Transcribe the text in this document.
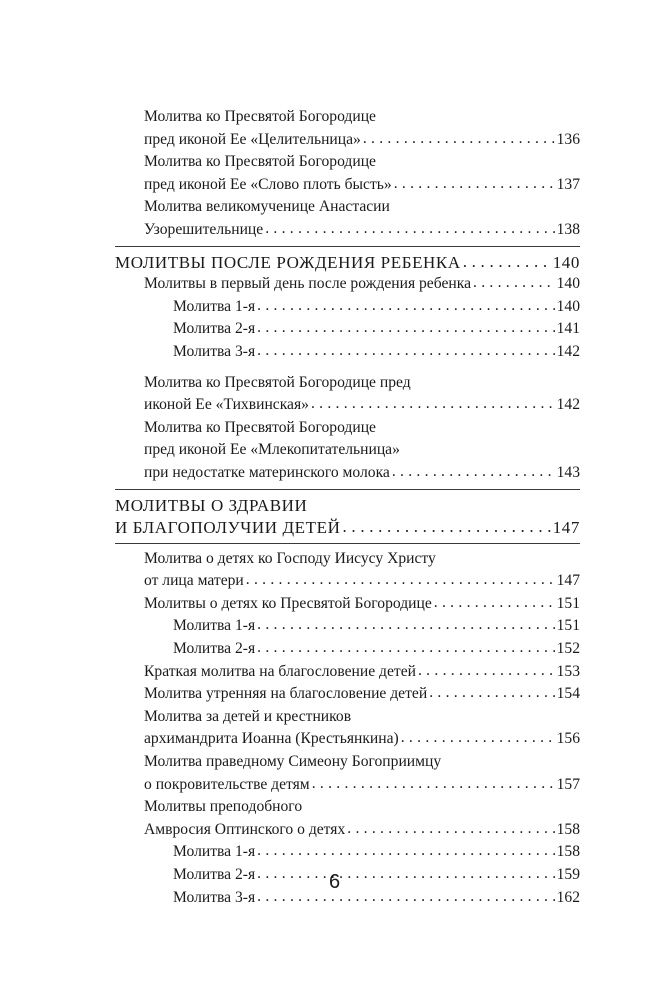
Молитва ко Пресвятой Богородице
пред иконой Ее «Целительница» . . .	136
Молитва ко Пресвятой Богородице
пред иконой Ее «Слово плоть бысть» . . .	137
Молитва великомученице Анастасии
Узорешительнице . . .	138
МОЛИТВЫ ПОСЛЕ РОЖДЕНИЯ РЕБЕНКА . . .	140
Молитвы в первый день после рождения ребенка . . .	140
Молитва 1-я . . .	140
Молитва 2-я . . .	141
Молитва 3-я . . .	142
Молитва ко Пресвятой Богородице пред
иконой Ее «Тихвинская» . . .	142
Молитва ко Пресвятой Богородице
пред иконой Ее «Млекопитательница»
при недостатке материнского молока . . .	143
МОЛИТВЫ О ЗДРАВИИ
И БЛАГОПОЛУЧИИ ДЕТЕЙ . . .	147
Молитва о детях ко Господу Иисусу Христу
от лица матери . . .	147
Молитвы о детях ко Пресвятой Богородице . . .	151
Молитва 1-я . . .	151
Молитва 2-я . . .	152
Краткая молитва на благословение детей . . .	153
Молитва утренняя на благословение детей . . .	154
Молитва за детей и крестников
архимандрита Иоанна (Крестьянкина) . . .	156
Молитва праведному Симеону Богоприимцу
о покровительстве детям . . .	157
Молитвы преподобного
Амвросия Оптинского о детях . . .	158
Молитва 1-я . . .	158
Молитва 2-я . . .	159
Молитва 3-я . . .	162
6
